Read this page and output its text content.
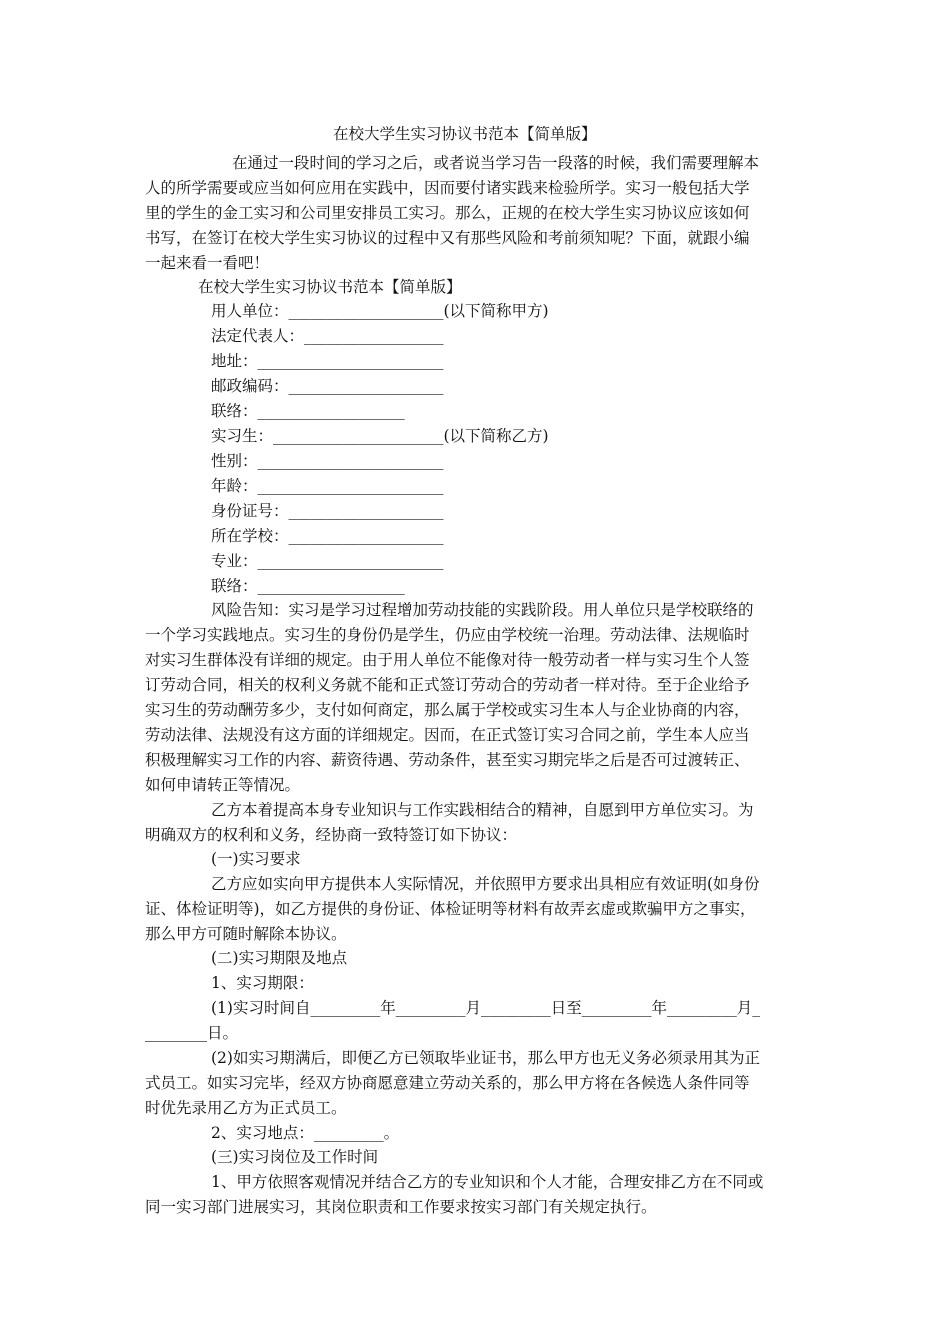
在校大学生实习协议书范本【简单版】
在通过一段时间的学习之后，或者说当学习告一段落的时候，我们需要理解本
人的所学需要或应当如何应用在实践中，因而要付诸实践来检验所学。实习一般包括大学
里的学生的金工实习和公司里安排员工实习。那么，正规的在校大学生实习协议应该如何
书写，在签订在校大学生实习协议的过程中又有那些风险和考前须知呢？下面，就跟小编
一起来看一看吧！
在校大学生实习协议书范本【简单版】
用人单位：____________________(以下简称甲方)
法定代表人：__________________
地址：________________________
邮政编码：____________________
联络：___________________
实习生：______________________(以下简称乙方)
性别：________________________
年龄：________________________
身份证号：____________________
所在学校：____________________
专业：________________________
联络：___________________
风险告知：实习是学习过程增加劳动技能的实践阶段。用人单位只是学校联络的
一个学习实践地点。实习生的身份仍是学生，仍应由学校统一治理。劳动法律、法规临时
对实习生群体没有详细的规定。由于用人单位不能像对待一般劳动者一样与实习生个人签
订劳动合同，相关的权利义务就不能和正式签订劳动合的劳动者一样对待。至于企业给予
实习生的劳动酬劳多少，支付如何商定，那么属于学校或实习生本人与企业协商的内容，
劳动法律、法规没有这方面的详细规定。因而，在正式签订实习合同之前，学生本人应当
积极理解实习工作的内容、薪资待遇、劳动条件，甚至实习期完毕之后是否可过渡转正、
如何申请转正等情况。
乙方本着提高本身专业知识与工作实践相结合的精神，自愿到甲方单位实习。为
明确双方的权利和义务，经协商一致特签订如下协议：
(一)实习要求
乙方应如实向甲方提供本人实际情况，并依照甲方要求出具相应有效证明(如身份
证、体检证明等)，如乙方提供的身份证、体检证明等材料有故弄玄虚或欺骗甲方之事实，
那么甲方可随时解除本协议。
(二)实习期限及地点
1、实习期限：
(1)实习时间自_________年_________月_________日至_________年_________月_
________日。
(2)如实习期满后，即便乙方已领取毕业证书，那么甲方也无义务必须录用其为正
式员工。如实习完毕，经双方协商愿意建立劳动关系的，那么甲方将在各候选人条件同等
时优先录用乙方为正式员工。
2、实习地点：_________。
(三)实习岗位及工作时间
1、甲方依照客观情况并结合乙方的专业知识和个人才能，合理安排乙方在不同或
同一实习部门进展实习，其岗位职责和工作要求按实习部门有关规定执行。
